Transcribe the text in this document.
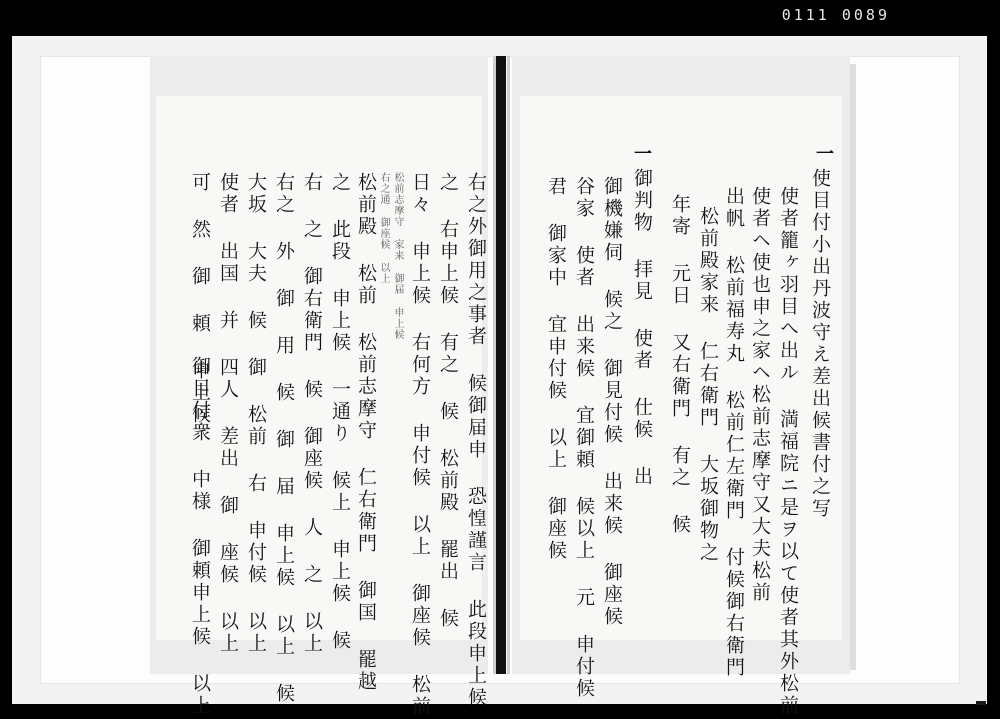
0111 0089
一
一
使目付小出丹波守え差出候書付之写
使者籠ヶ羽目へ出ル 満福院ニ是ヲ以て使者其外松前
使者ヘ使也申之家ヘ松前志摩守又大夫松前
出帆 松前福寿丸 松前仁左衛門 付候御右衛門
松前殿家来 仁右衛門 大坂御物之
年寄 元日 又右衛門 有之 候
御判物 拝見 使者 仕候 出
御機嫌伺 候之 御見付候 出来候 御座候
谷家 使者 出来候 宜御頼 候以上 元 申付候
君 御家中 宜申付候 以上 御座候
右之外御用之事者 候御届申 恐惶謹言 此段申上候
之 右申上候 有之 候 松前殿 罷出 候
日々 申上候 右何方 申付候 以上 御座候 松前
松前志摩守 家来 御届 申上候
右之通 御座候 以上
松前殿 松前 松前志摩守 仁右衛門 御国 罷越
之 此段 申上候 一通り 候上 申上候 候
右 之 御右衛門 候 御座候 人 之 以上
右之 外 御 用 候 御 届 申上候 以上 候
大坂 大夫 候 御 松前 右 申付候 以上
使者 出国 并 四人 差出 御 座候 以上
可 然 御 頼 申上候
御目付衆 中様 御頼申上候 以上
